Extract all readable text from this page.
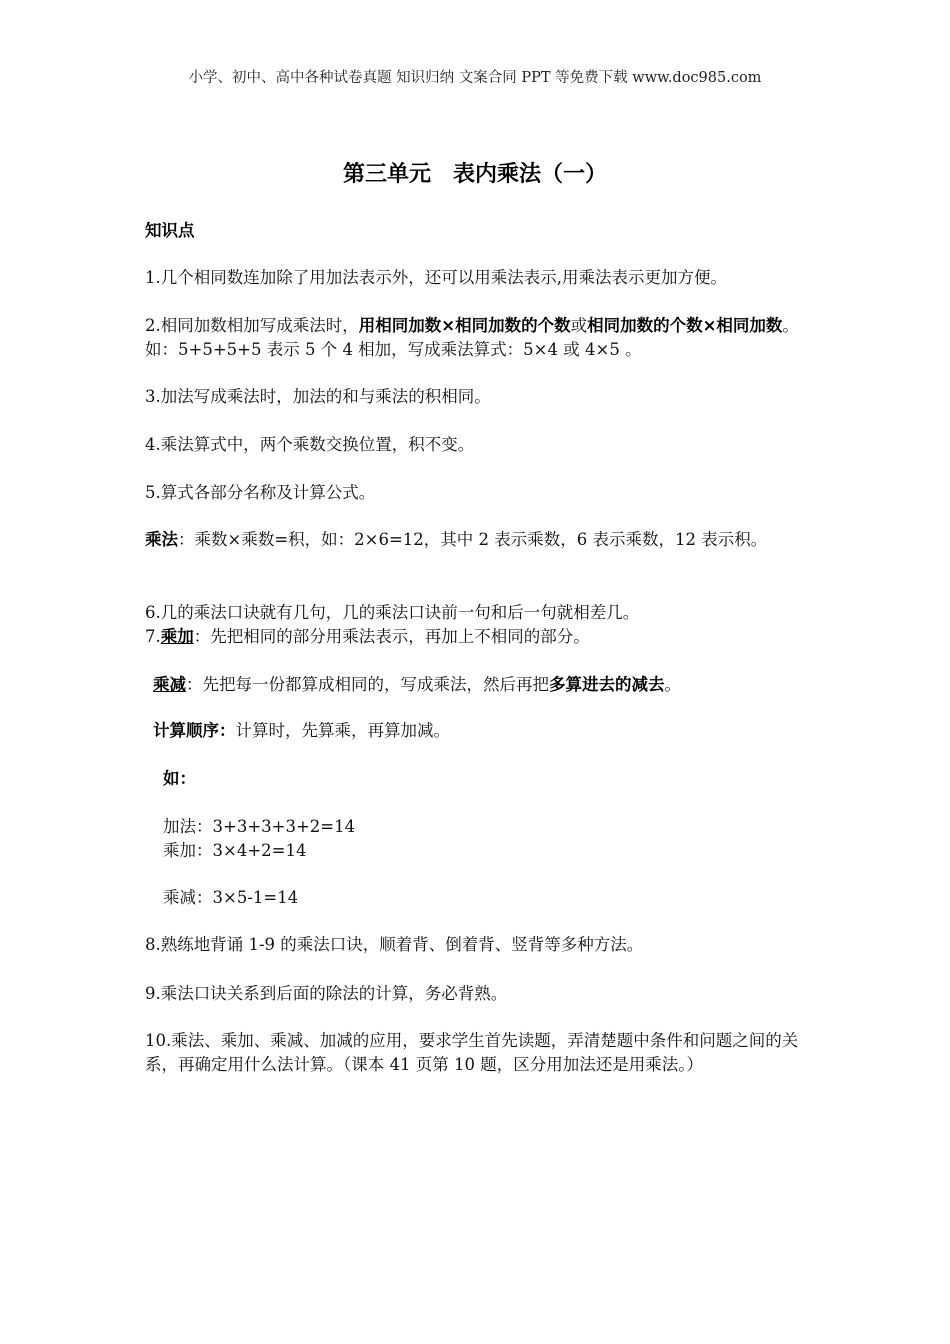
小学、初中、高中各种试卷真题 知识归纳 文案合同 PPT 等免费下载 www.doc985.com
第三单元　表内乘法（一）
知识点
1.几个相同数连加除了用加法表示外，还可以用乘法表示,用乘法表示更加方便。
2.相同加数相加写成乘法时，用相同加数×相同加数的个数或相同加数的个数×相同加数。如：5+5+5+5 表示 5 个 4 相加，写成乘法算式：5×4 或 4×5 。
3.加法写成乘法时，加法的和与乘法的积相同。
4.乘法算式中，两个乘数交换位置，积不变。
5.算式各部分名称及计算公式。
乘法：乘数×乘数=积，如：2×6=12，其中 2 表示乘数，6 表示乘数，12 表示积。
6.几的乘法口诀就有几句，几的乘法口诀前一句和后一句就相差几。
7.乘加：先把相同的部分用乘法表示，再加上不相同的部分。
乘减：先把每一份都算成相同的，写成乘法，然后再把多算进去的减去。
计算顺序：计算时，先算乘，再算加减。
如：
加法：3+3+3+3+2=14
乘加：3×4+2=14
乘减：3×5-1=14
8.熟练地背诵 1-9 的乘法口诀，顺着背、倒着背、竖背等多种方法。
9.乘法口诀关系到后面的除法的计算，务必背熟。
10.乘法、乘加、乘减、加减的应用，要求学生首先读题，弄清楚题中条件和问题之间的关系，再确定用什么法计算。（课本 41 页第 10 题，区分用加法还是用乘法。）
